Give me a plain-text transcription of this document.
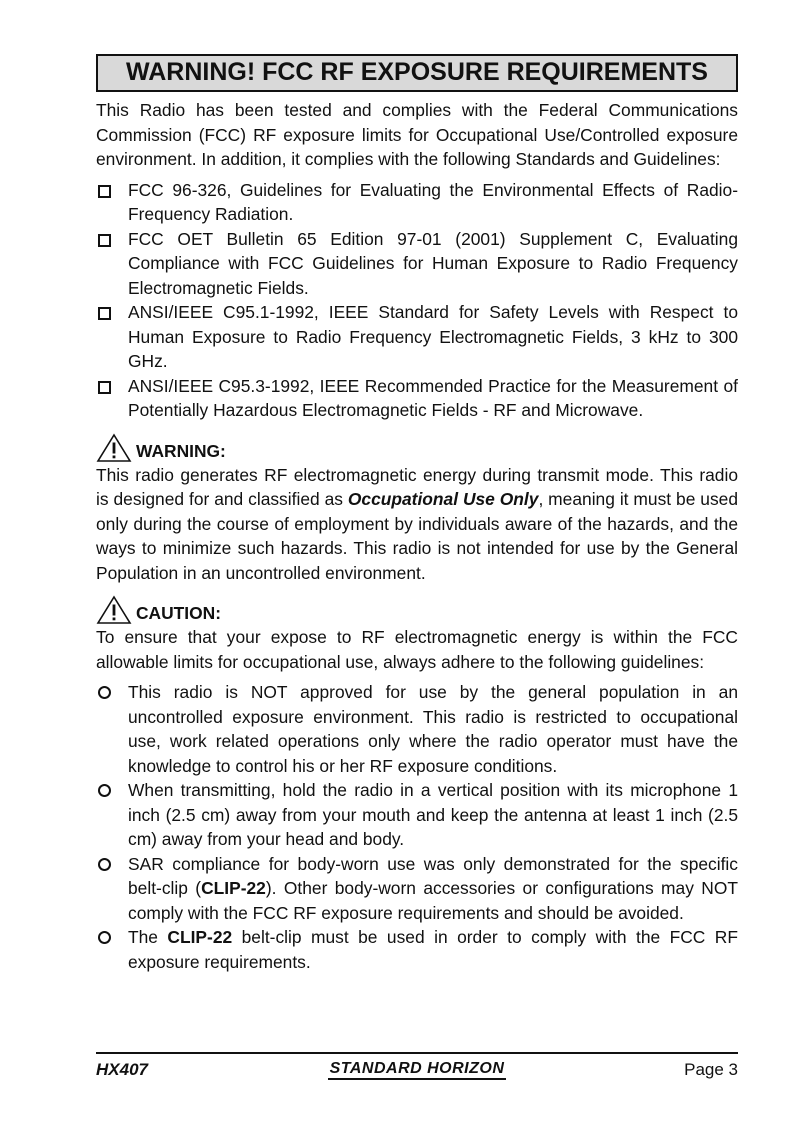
WARNING! FCC RF EXPOSURE REQUIREMENTS

This Radio has been tested and complies with the Federal Communications Commission (FCC) RF exposure limits for Occupational Use/Controlled exposure environment. In addition, it complies with the following Standards and Guidelines:

FCC 96-326, Guidelines for Evaluating the Environmental Effects of Radio-Frequency Radiation.
FCC OET Bulletin 65 Edition 97-01 (2001) Supplement C, Evaluating Compliance with FCC Guidelines for Human Exposure to Radio Frequency Electromagnetic Fields.
ANSI/IEEE C95.1-1992, IEEE Standard for Safety Levels with Respect to Human Exposure to Radio Frequency Electromagnetic Fields, 3 kHz to 300 GHz.
ANSI/IEEE C95.3-1992, IEEE Recommended Practice for the Measurement of Potentially Hazardous Electromagnetic Fields - RF and Microwave.
WARNING:

This radio generates RF electromagnetic energy during transmit mode. This radio is designed for and classified as Occupational Use Only, meaning it must be used only during the course of employment by individuals aware of the hazards, and the ways to minimize such hazards. This radio is not intended for use by the General Population in an uncontrolled environment.

CAUTION:

To ensure that your expose to RF electromagnetic energy is within the FCC allowable limits for occupational use, always adhere to the following guidelines:

This radio is NOT approved for use by the general population in an uncontrolled exposure environment. This radio is restricted to occupational use, work related operations only where the radio operator must have the knowledge to control his or her RF exposure conditions.
When transmitting, hold the radio in a vertical position with its microphone 1 inch (2.5 cm) away from your mouth and keep the antenna at least 1 inch (2.5 cm) away from your head and body.
SAR compliance for body-worn use was only demonstrated for the specific belt-clip (CLIP-22). Other body-worn accessories or configurations may NOT comply with the FCC RF exposure requirements and should be avoided.
The CLIP-22 belt-clip must be used in order to comply with the FCC RF exposure requirements.
HX407	STANDARD HORIZON	Page 3
